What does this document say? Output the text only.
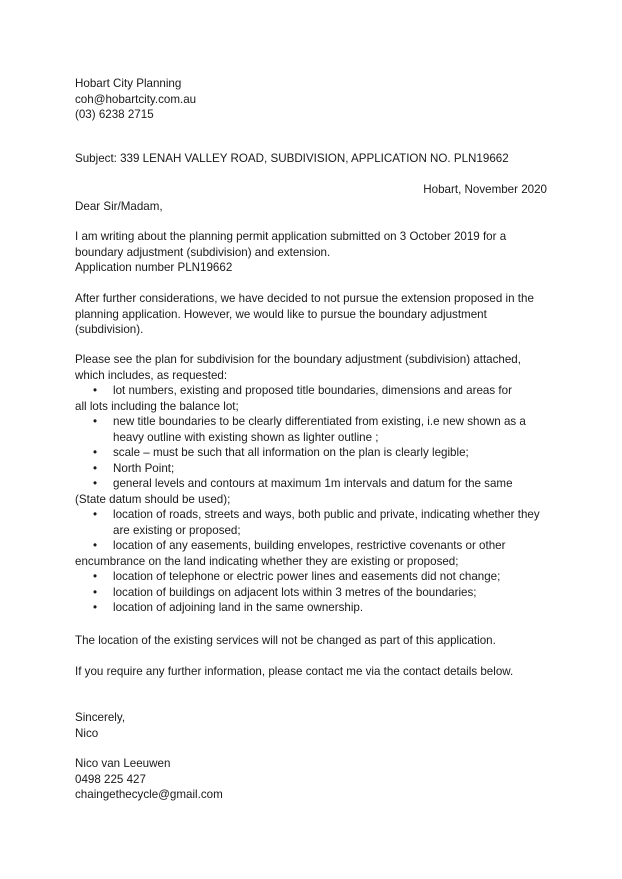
Hobart City Planning
coh@hobartcity.com.au
(03) 6238 2715
Subject: 339 LENAH VALLEY ROAD, SUBDIVISION, APPLICATION NO. PLN19662
Hobart, November 2020
Dear Sir/Madam,
I am writing about the planning permit application submitted on 3 October 2019 for a
boundary adjustment (subdivision) and extension.
Application number PLN19662
After further considerations, we have decided to not pursue the extension proposed in the
planning application. However, we would like to pursue the boundary adjustment
(subdivision).
Please see the plan for subdivision for the boundary adjustment (subdivision) attached,
which includes, as requested:
• lot numbers, existing and proposed title boundaries, dimensions and areas for
all lots including the balance lot;
• new title boundaries to be clearly differentiated from existing, i.e new shown as a
heavy outline with existing shown as lighter outline ;
• scale – must be such that all information on the plan is clearly legible;
• North Point;
• general levels and contours at maximum 1m intervals and datum for the same
(State datum should be used);
• location of roads, streets and ways, both public and private, indicating whether they
are existing or proposed;
• location of any easements, building envelopes, restrictive covenants or other
encumbrance on the land indicating whether they are existing or proposed;
• location of telephone or electric power lines and easements did not change;
• location of buildings on adjacent lots within 3 metres of the boundaries;
• location of adjoining land in the same ownership.
The location of the existing services will not be changed as part of this application.
If you require any further information, please contact me via the contact details below.
Sincerely,
Nico
Nico van Leeuwen
0498 225 427
chaingethecycle@gmail.com
